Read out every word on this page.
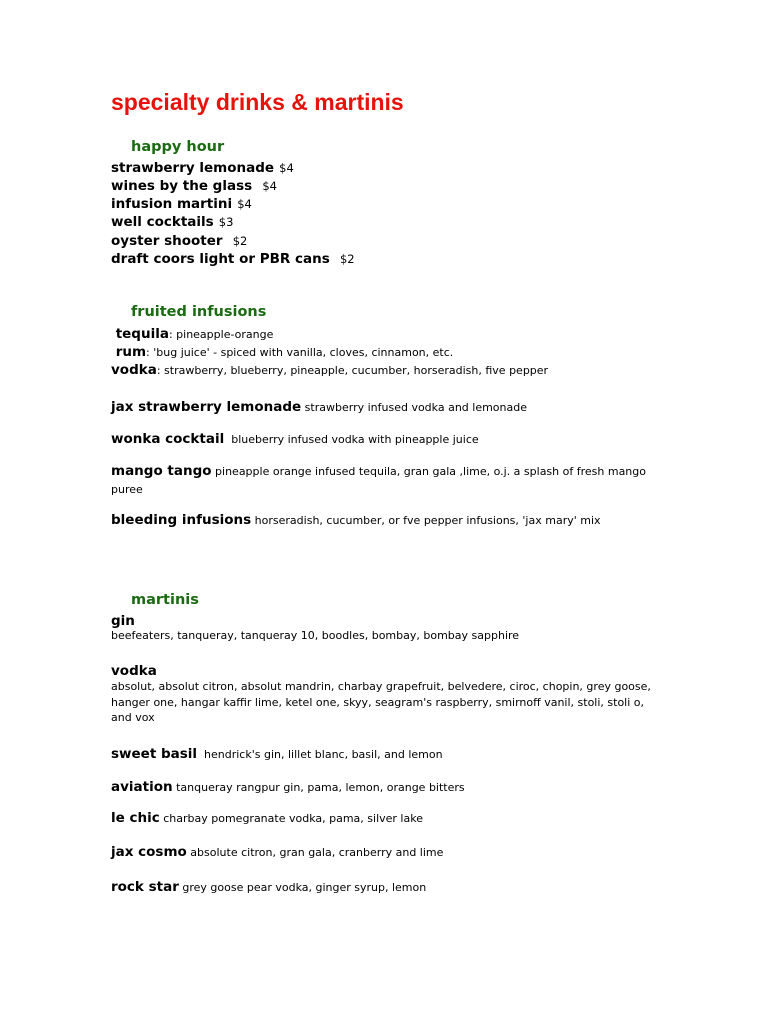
specialty drinks & martinis
happy hour
strawberry lemonade $4
wines by the glass $4
infusion martini $4
well cocktails $3
oyster shooter $2
draft coors light or PBR cans $2
fruited infusions
tequila: pineapple-orange
rum: 'bug juice' - spiced with vanilla, cloves, cinnamon, etc.
vodka: strawberry, blueberry, pineapple, cucumber, horseradish, five pepper
jax strawberry lemonade strawberry infused vodka and lemonade
wonka cocktail  blueberry infused vodka with pineapple juice
mango tango pineapple orange infused tequila, gran gala ,lime, o.j. a splash of fresh mango
puree
bleeding infusions horseradish, cucumber, or fve pepper infusions, 'jax mary' mix
martinis
gin

beefeaters, tanqueray, tanqueray 10, boodles, bombay, bombay sapphire

vodka

absolut, absolut citron, absolut mandrin, charbay grapefruit, belvedere, ciroc, chopin, grey goose, hanger one, hangar kaffir lime, ketel one, skyy, seagram's raspberry, smirnoff vanil, stoli, stoli o, and vox

sweet basil  hendrick's gin, lillet blanc, basil, and lemon
aviation tanqueray rangpur gin, pama, lemon, orange bitters
le chic charbay pomegranate vodka, pama, silver lake
jax cosmo absolute citron, gran gala, cranberry and lime
rock star grey goose pear vodka, ginger syrup, lemon
